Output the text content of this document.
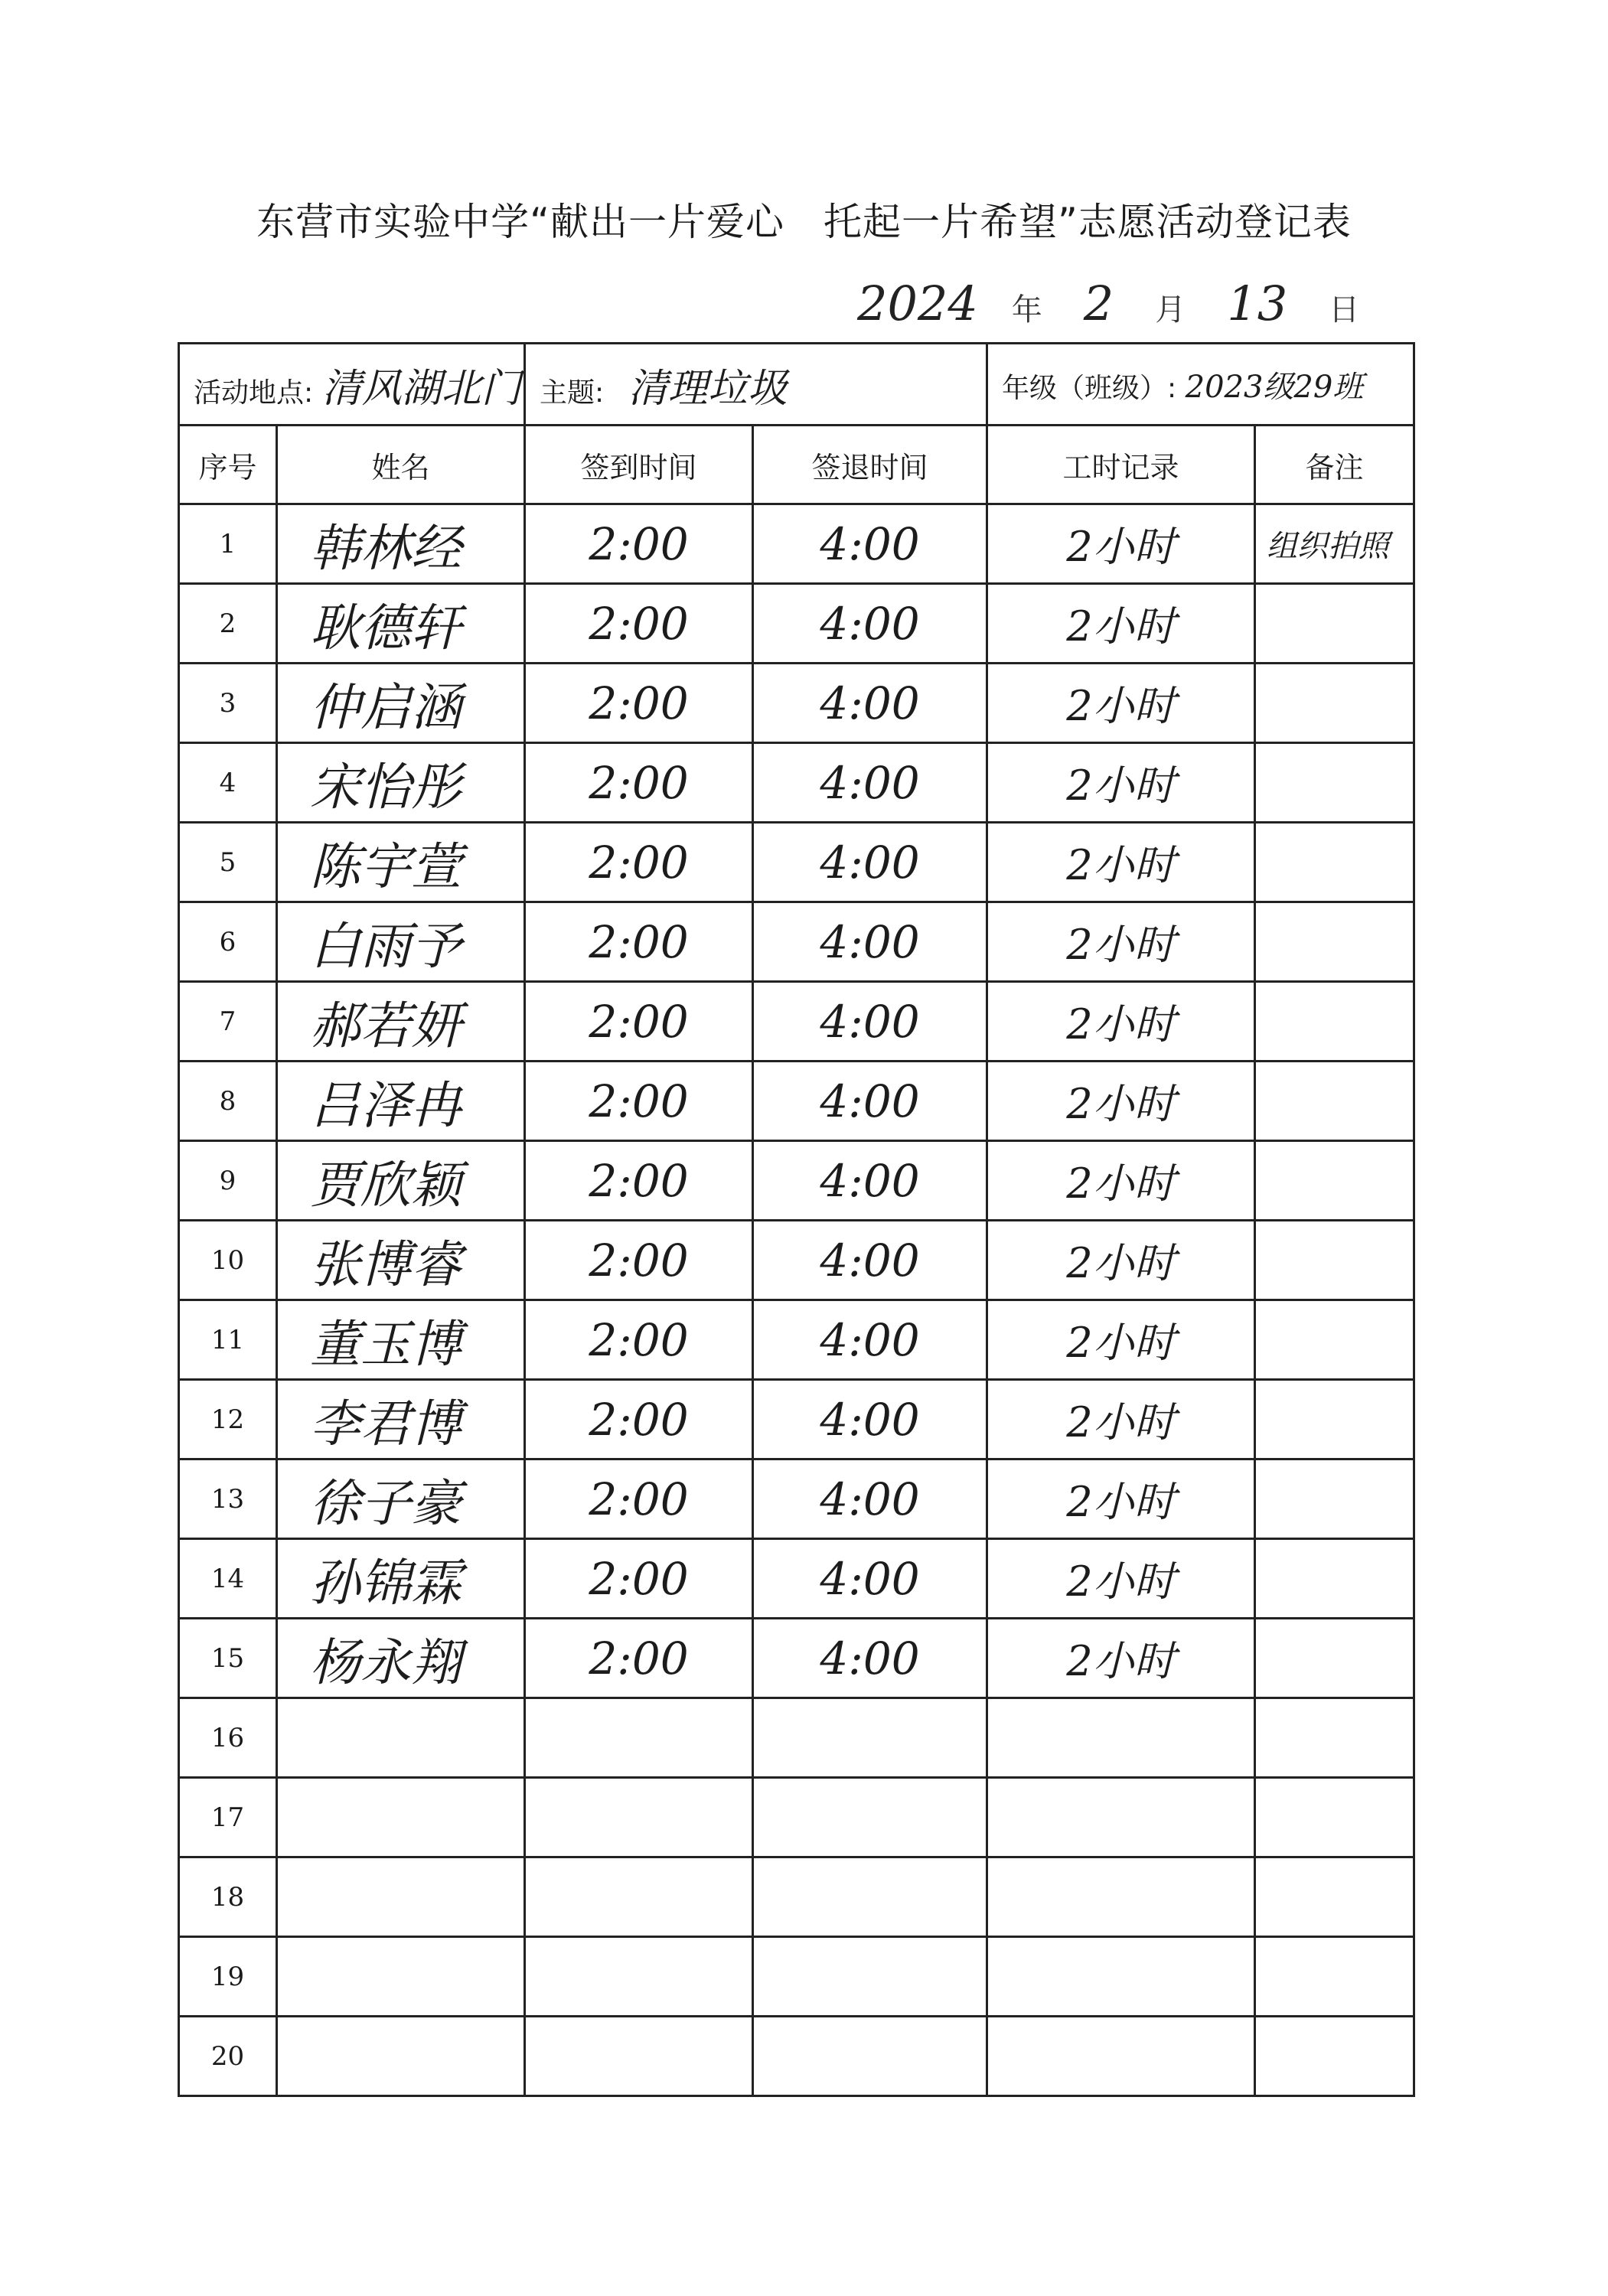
东营市实验中学“献出一片爱心　托起一片希望”志愿活动登记表
2024 年 2 月 13 日
活动地点: 清风湖北门		主题: 清理垃圾		年级（班级）: 2023级29班	
序号	姓名	签到时间	签退时间	工时记录	备注
1	韩林经	2:00	4:00	2小时	组织拍照
2	耿德轩	2:00	4:00	2小时	
3	仲启涵	2:00	4:00	2小时	
4	宋怡彤	2:00	4:00	2小时	
5	陈宇萱	2:00	4:00	2小时	
6	白雨予	2:00	4:00	2小时	
7	郝若妍	2:00	4:00	2小时	
8	吕泽冉	2:00	4:00	2小时	
9	贾欣颖	2:00	4:00	2小时	
10	张博睿	2:00	4:00	2小时	
11	董玉博	2:00	4:00	2小时	
12	李君博	2:00	4:00	2小时	
13	徐子豪	2:00	4:00	2小时	
14	孙锦霖	2:00	4:00	2小时	
15	杨永翔	2:00	4:00	2小时	
16					
17					
18					
19					
20					
